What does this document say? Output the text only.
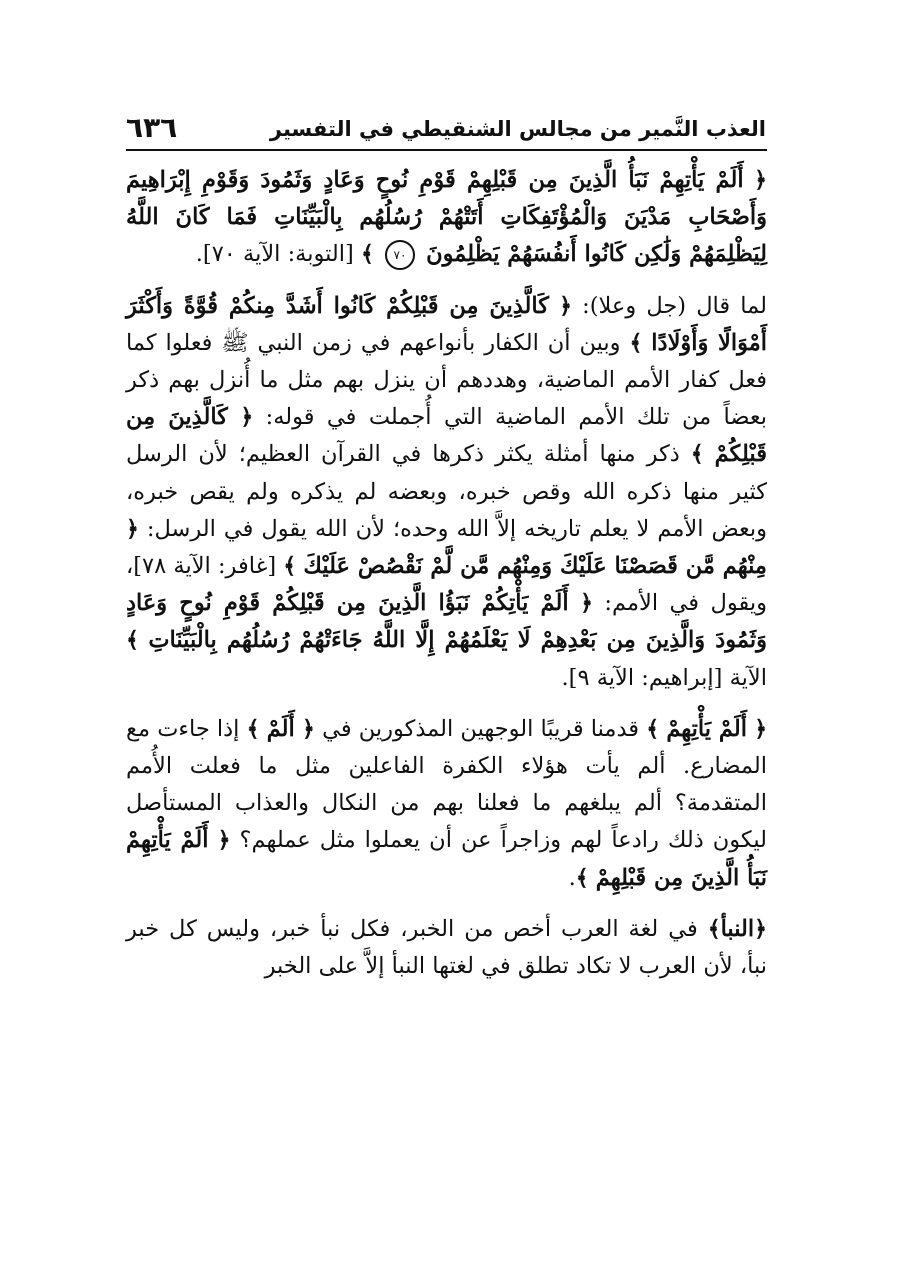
العذب النَّمير من مجالس الشنقيطي في التفسير
٦٣٦

﴿ أَلَمْ يَأْتِهِمْ نَبَأُ الَّذِينَ مِن قَبْلِهِمْ قَوْمِ نُوحٍ وَعَادٍ وَثَمُودَ وَقَوْمِ إِبْرَاهِيمَ وَأَصْحَابِ مَدْيَنَ وَالْمُؤْتَفِكَاتِ أَتَتْهُمْ رُسُلُهُم بِالْبَيِّنَاتِ فَمَا كَانَ اللَّهُ لِيَظْلِمَهُمْ وَلَٰكِن كَانُوا أَنفُسَهُمْ يَظْلِمُونَ ٧٠ ﴾ [التوبة: الآية ٧٠].

لما قال (جل وعلا): ﴿ كَالَّذِينَ مِن قَبْلِكُمْ كَانُوا أَشَدَّ مِنكُمْ قُوَّةً وَأَكْثَرَ أَمْوَالًا وَأَوْلَادًا ﴾ وبين أن الكفار بأنواعهم في زمن النبي ﷺ فعلوا كما فعل كفار الأمم الماضية، وهددهم أن ينزل بهم مثل ما أُنزل بهم ذكر بعضاً من تلك الأمم الماضية التي أُجملت في قوله: ﴿ كَالَّذِينَ مِن قَبْلِكُمْ ﴾ ذكر منها أمثلة يكثر ذكرها في القرآن العظيم؛ لأن الرسل كثير منها ذكره الله وقص خبره، وبعضه لم يذكره ولم يقص خبره، وبعض الأمم لا يعلم تاريخه إلاَّ الله وحده؛ لأن الله يقول في الرسل: ﴿ مِنْهُم مَّن قَصَصْنَا عَلَيْكَ وَمِنْهُم مَّن لَّمْ نَقْصُصْ عَلَيْكَ ﴾ [غافر: الآية ٧٨]، ويقول في الأمم: ﴿ أَلَمْ يَأْتِكُمْ نَبَؤُا الَّذِينَ مِن قَبْلِكُمْ قَوْمِ نُوحٍ وَعَادٍ وَثَمُودَ وَالَّذِينَ مِن بَعْدِهِمْ لَا يَعْلَمُهُمْ إِلَّا اللَّهُ جَاءَتْهُمْ رُسُلُهُم بِالْبَيِّنَاتِ ﴾ الآية [إبراهيم: الآية ٩].

﴿ أَلَمْ يَأْتِهِمْ ﴾ قدمنا قريبًا الوجهين المذكورين في ﴿ أَلَمْ ﴾ إذا جاءت مع المضارع. ألم يأت هؤلاء الكفرة الفاعلين مثل ما فعلت الأُمم المتقدمة؟ ألم يبلغهم ما فعلنا بهم من النكال والعذاب المستأصل ليكون ذلك رادعاً لهم وزاجراً عن أن يعملوا مثل عملهم؟ ﴿ أَلَمْ يَأْتِهِمْ نَبَأُ الَّذِينَ مِن قَبْلِهِمْ ﴾.

﴿النبأ﴾ في لغة العرب أخص من الخبر، فكل نبأ خبر، وليس كل خبر نبأ، لأن العرب لا تكاد تطلق في لغتها النبأ إلاَّ على الخبر
